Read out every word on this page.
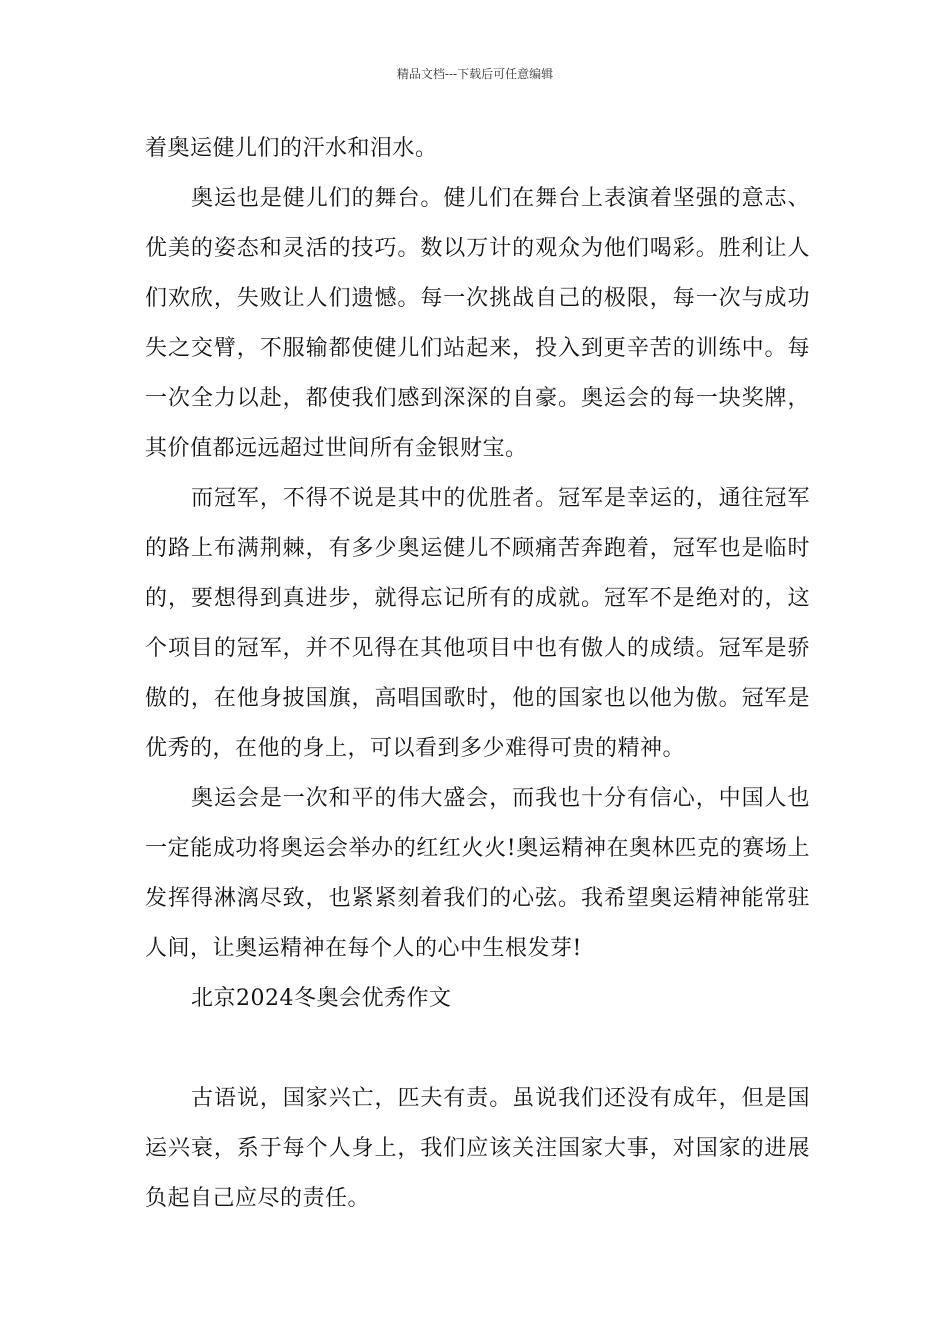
精品文档---下载后可任意编辑

着奥运健儿们的汗水和泪水。

奥运也是健儿们的舞台。健儿们在舞台上表演着坚强的意志、优美的姿态和灵活的技巧。数以万计的观众为他们喝彩。胜利让人们欢欣，失败让人们遗憾。每一次挑战自己的极限，每一次与成功失之交臂，不服输都使健儿们站起来，投入到更辛苦的训练中。每一次全力以赴，都使我们感到深深的自豪。奥运会的每一块奖牌，其价值都远远超过世间所有金银财宝。

而冠军，不得不说是其中的优胜者。冠军是幸运的，通往冠军的路上布满荆棘，有多少奥运健儿不顾痛苦奔跑着，冠军也是临时的，要想得到真进步，就得忘记所有的成就。冠军不是绝对的，这个项目的冠军，并不见得在其他项目中也有傲人的成绩。冠军是骄傲的，在他身披国旗，高唱国歌时，他的国家也以他为傲。冠军是优秀的，在他的身上，可以看到多少难得可贵的精神。

奥运会是一次和平的伟大盛会，而我也十分有信心，中国人也一定能成功将奥运会举办的红红火火!奥运精神在奥林匹克的赛场上发挥得淋漓尽致，也紧紧刻着我们的心弦。我希望奥运精神能常驻人间，让奥运精神在每个人的心中生根发芽!

北京2024冬奥会优秀作文

古语说，国家兴亡，匹夫有责。虽说我们还没有成年，但是国运兴衰，系于每个人身上，我们应该关注国家大事，对国家的进展负起自己应尽的责任。
